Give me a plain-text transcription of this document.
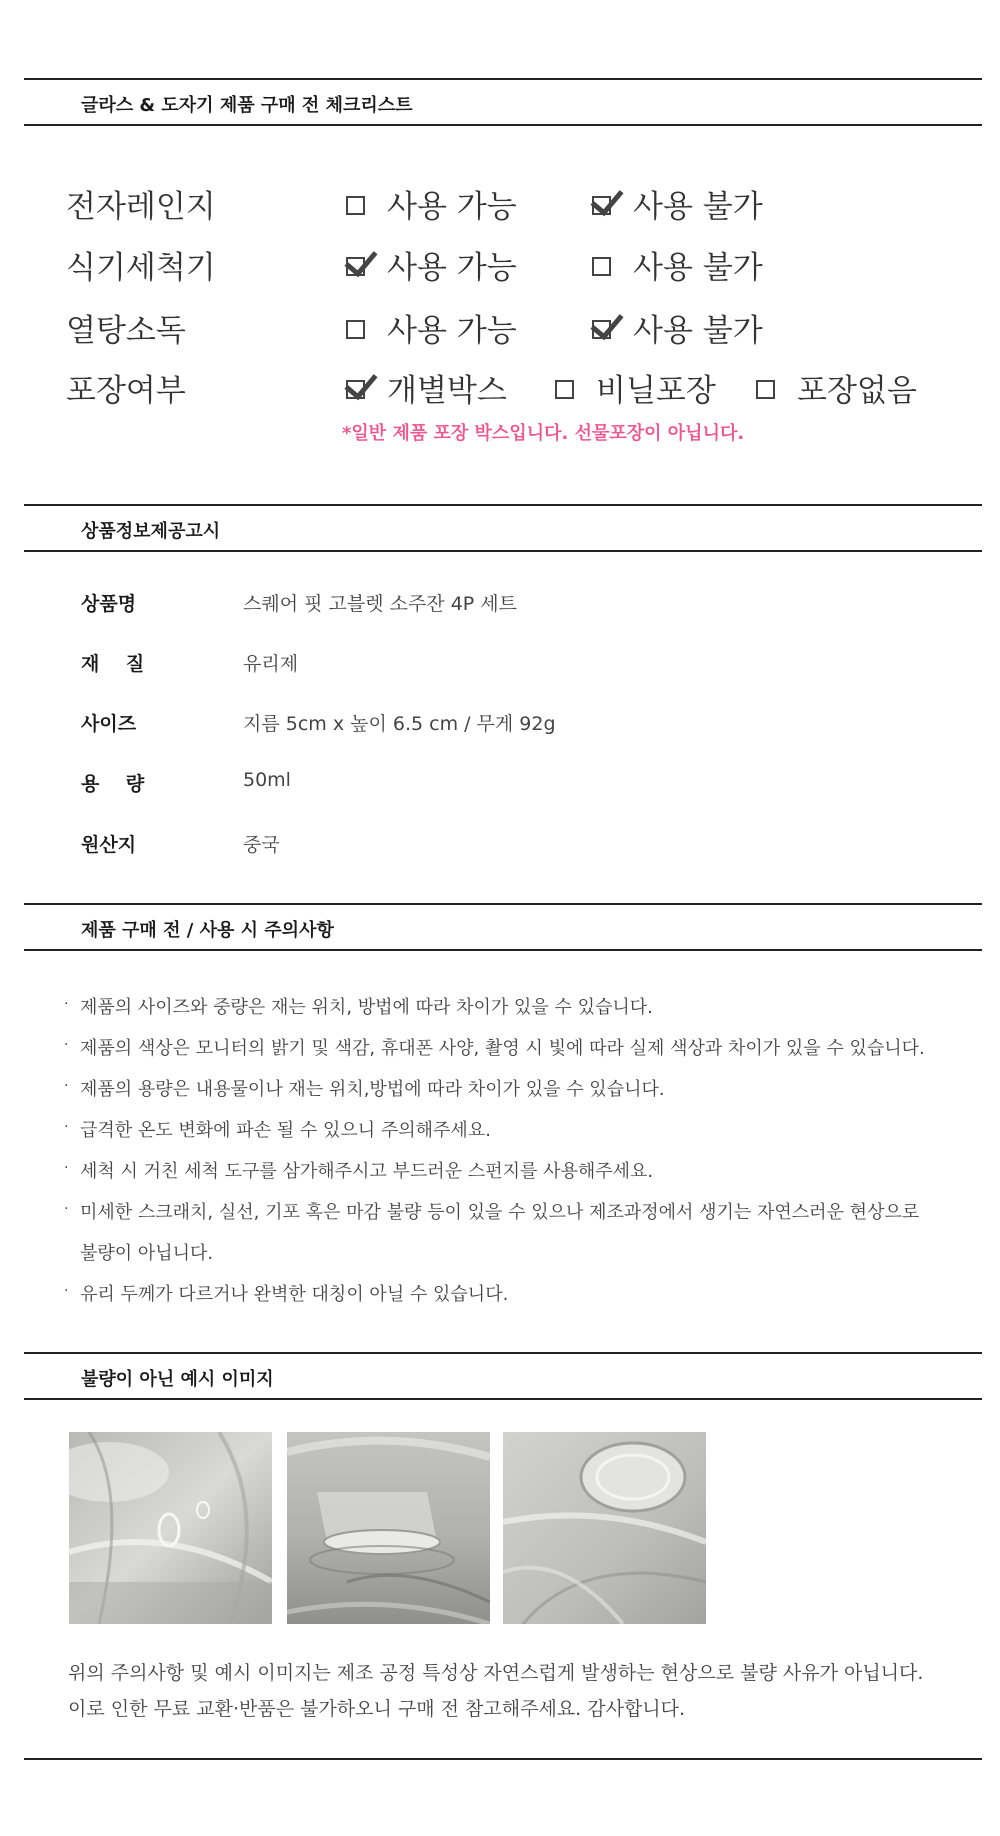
글라스 & 도자기 제품 구매 전 체크리스트
전자레인지	사용 가능	사용 불가
식기세척기	사용 가능	사용 불가
열탕소독	사용 가능	사용 불가
포장여부	개별박스	비닐포장	포장없음
*일반 제품 포장 박스입니다. 선물포장이 아닙니다.
상품정보제공고시
상품명	스퀘어 핏 고블렛 소주잔 4P 세트
재    질	유리제
사이즈	지름 5cm x 높이 6.5 cm / 무게 92g
용    량	50ml
원산지	중국
제품 구매 전 / 사용 시 주의사항
· 제품의 사이즈와 중량은 재는 위치, 방법에 따라 차이가 있을 수 있습니다.
· 제품의 색상은 모니터의 밝기 및 색감, 휴대폰 사양, 촬영 시 빛에 따라 실제 색상과 차이가 있을 수 있습니다.
· 제품의 용량은 내용물이나 재는 위치,방법에 따라 차이가 있을 수 있습니다.
· 급격한 온도 변화에 파손 될 수 있으니 주의해주세요.
· 세척 시 거친 세척 도구를 삼가해주시고 부드러운 스펀지를 사용해주세요.
· 미세한 스크래치, 실선, 기포 혹은 마감 불량 등이 있을 수 있으나 제조과정에서 생기는 자연스러운 현상으로
불량이 아닙니다.
· 유리 두께가 다르거나 완벽한 대칭이 아닐 수 있습니다.
불량이 아닌 예시 이미지
위의 주의사항 및 예시 이미지는 제조 공정 특성상 자연스럽게 발생하는 현상으로 불량 사유가 아닙니다.
이로 인한 무료 교환·반품은 불가하오니 구매 전 참고해주세요. 감사합니다.
